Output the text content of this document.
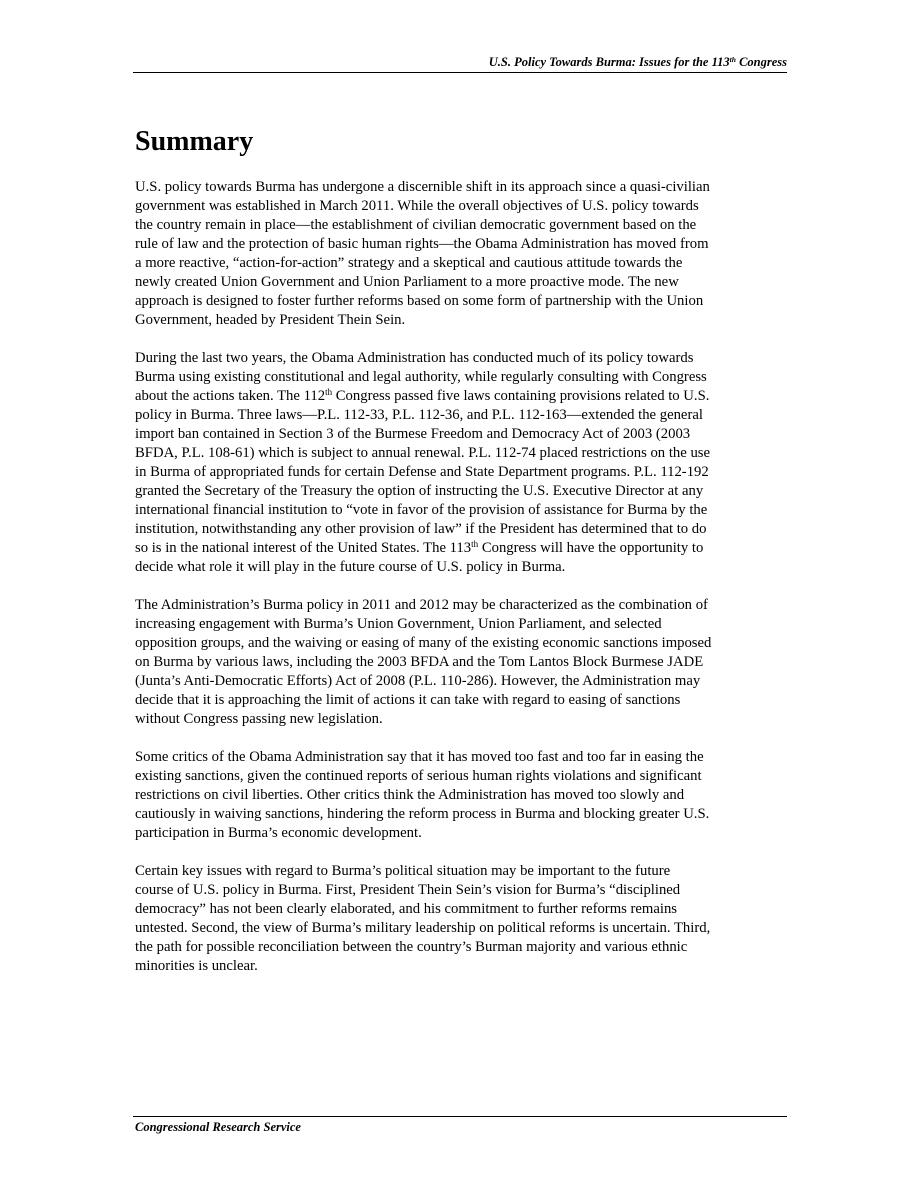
U.S. Policy Towards Burma: Issues for the 113th Congress
Summary

U.S. policy towards Burma has undergone a discernible shift in its approach since a quasi-civilian
government was established in March 2011. While the overall objectives of U.S. policy towards
the country remain in place—the establishment of civilian democratic government based on the
rule of law and the protection of basic human rights—the Obama Administration has moved from
a more reactive, “action-for-action” strategy and a skeptical and cautious attitude towards the
newly created Union Government and Union Parliament to a more proactive mode. The new
approach is designed to foster further reforms based on some form of partnership with the Union
Government, headed by President Thein Sein.

During the last two years, the Obama Administration has conducted much of its policy towards
Burma using existing constitutional and legal authority, while regularly consulting with Congress
about the actions taken. The 112th Congress passed five laws containing provisions related to U.S.
policy in Burma. Three laws—P.L. 112-33, P.L. 112-36, and P.L. 112-163—extended the general
import ban contained in Section 3 of the Burmese Freedom and Democracy Act of 2003 (2003
BFDA, P.L. 108-61) which is subject to annual renewal. P.L. 112-74 placed restrictions on the use
in Burma of appropriated funds for certain Defense and State Department programs. P.L. 112-192
granted the Secretary of the Treasury the option of instructing the U.S. Executive Director at any
international financial institution to “vote in favor of the provision of assistance for Burma by the
institution, notwithstanding any other provision of law” if the President has determined that to do
so is in the national interest of the United States. The 113th Congress will have the opportunity to
decide what role it will play in the future course of U.S. policy in Burma.

The Administration’s Burma policy in 2011 and 2012 may be characterized as the combination of
increasing engagement with Burma’s Union Government, Union Parliament, and selected
opposition groups, and the waiving or easing of many of the existing economic sanctions imposed
on Burma by various laws, including the 2003 BFDA and the Tom Lantos Block Burmese JADE
(Junta’s Anti-Democratic Efforts) Act of 2008 (P.L. 110-286). However, the Administration may
decide that it is approaching the limit of actions it can take with regard to easing of sanctions
without Congress passing new legislation.

Some critics of the Obama Administration say that it has moved too fast and too far in easing the
existing sanctions, given the continued reports of serious human rights violations and significant
restrictions on civil liberties. Other critics think the Administration has moved too slowly and
cautiously in waiving sanctions, hindering the reform process in Burma and blocking greater U.S.
participation in Burma’s economic development.

Certain key issues with regard to Burma’s political situation may be important to the future
course of U.S. policy in Burma. First, President Thein Sein’s vision for Burma’s “disciplined
democracy” has not been clearly elaborated, and his commitment to further reforms remains
untested. Second, the view of Burma’s military leadership on political reforms is uncertain. Third,
the path for possible reconciliation between the country’s Burman majority and various ethnic
minorities is unclear.

Congressional Research Service
